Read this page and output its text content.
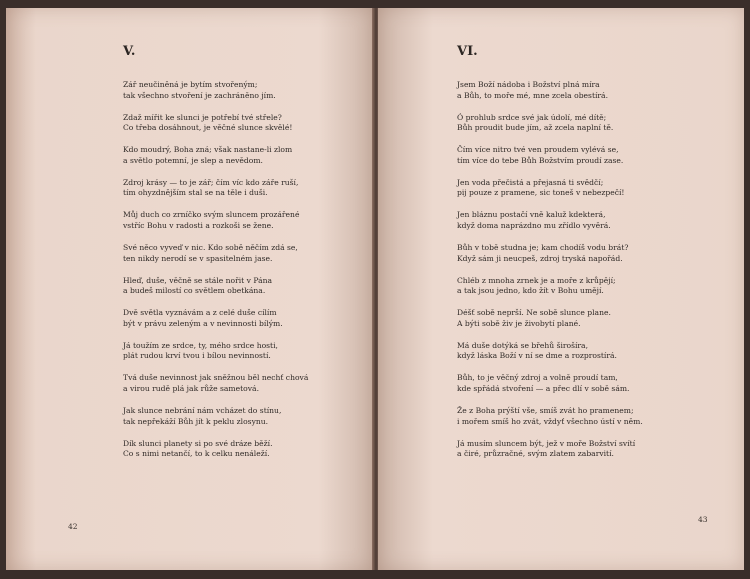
V.
Zář neučiněná je bytím stvořeným;
tak všechno stvoření je zachráněno jím.
Zdaž mířit ke slunci je potřebí tvé střele?
Co třeba dosáhnout, je věčné slunce skvělé!
Kdo moudrý, Boha zná; však nastane-li zlom
a světlo potemní, je slep a nevědom.
Zdroj krásy — to je zář; čím víc kdo záře ruší,
tím ohyzdnějším stal se na těle i duši.
Můj duch co zrníčko svým sluncem prozářené
vstříc Bohu v radosti a rozkoši se žene.
Své něco vyveď v nic. Kdo sobě něčím zdá se,
ten nikdy nerodí se v spasitelném jase.
Hleď, duše, věčně se stále nořit v Pána
a budeš milostí co světlem obetkána.
Dvě světla vyznávám a z celé duše cílím
být v právu zeleným a v nevinnosti bílým.
Já toužím ze srdce, ty, mého srdce hosti,
plát rudou krví tvou i bílou nevinností.
Tvá duše nevinnost jak sněžnou běl nechť chová
a virou rudě plá jak růže sametová.
Jak slunce nebrání nám vcházet do stínu,
tak nepřekáží Bůh jít k peklu zlosynu.
Dík slunci planety si po své dráze běží.
Co s nimi netančí, to k celku nenáleží.
42
VI.
Jsem Boží nádoba i Božství plná míra
a Bůh, to moře mé, mne zcela obestírá.
Ó prohlub srdce své jak údolí, mé dítě;
Bůh proudit bude jím, až zcela naplní tě.
Čím více nitro tvé ven proudem vylévá se,
tím více do tebe Bůh Božstvím proudí zase.
Jen voda přečistá a přejasná ti svědčí;
pij pouze z pramene, sic toneš v nebezpečí!
Jen bláznu postačí vně kaluž kdekterá,
když doma naprázdno mu zřídlo vyvěrá.
Bůh v tobě studna je; kam chodíš vodu brát?
Když sám ji neucpeš, zdroj tryská napořád.
Chléb z mnoha zrnek je a moře z krůpějí;
a tak jsou jedno, kdo žít v Bohu umějí.
Déšť sobě neprší. Ne sobě slunce plane.
A býti sobě živ je živobytí plané.
Má duše dotýká se břehů širošíra,
když láska Boží v ní se dme a rozprostírá.
Bůh, to je věčný zdroj a volně proudí tam,
kde spřádá stvoření — a přec dlí v sobě sám.
Že z Boha prýští vše, smíš zvát ho pramenem;
i mořem smíš ho zvát, vždyť všechno ústí v něm.
Já musím sluncem být, jež v moře Božství svítí
a čiré, průzračné, svým zlatem zabarvití.
43
